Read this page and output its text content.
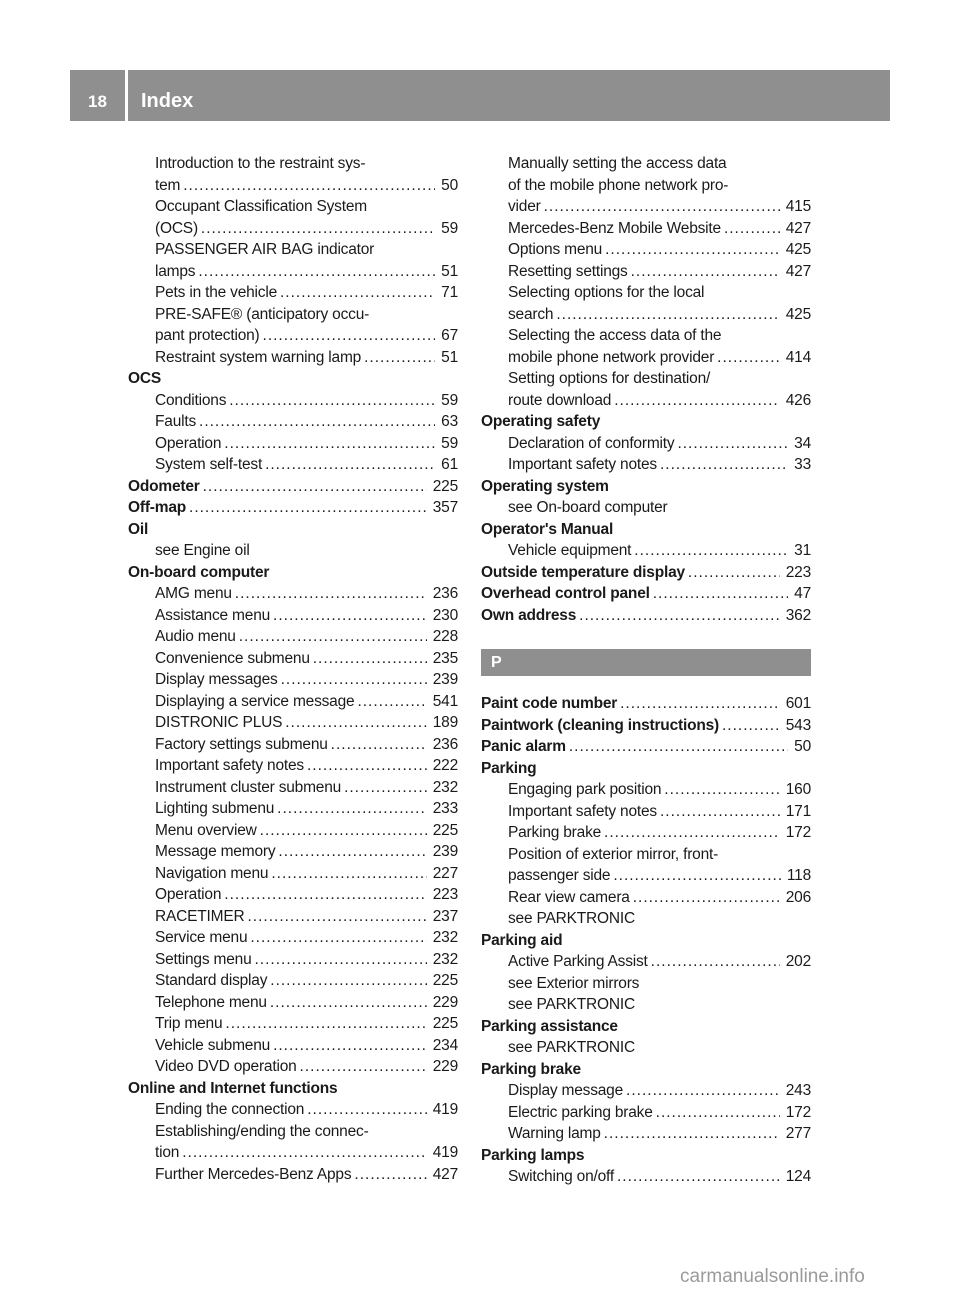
18	Index
Introduction to the restraint sys-
tem .....	50
Occupant Classification System
(OCS) .....	59
PASSENGER AIR BAG indicator
lamps .....	51
Pets in the vehicle .....	71
PRE-SAFE® (anticipatory occu-
pant protection) .....	67
Restraint system warning lamp .....	51
OCS
Conditions .....	59
Faults .....	63
Operation .....	59
System self-test .....	61
Odometer .....	225
Off-map .....	357
Oil
see Engine oil
On-board computer
AMG menu .....	236
Assistance menu .....	230
Audio menu .....	228
Convenience submenu .....	235
Display messages .....	239
Displaying a service message .....	541
DISTRONIC PLUS .....	189
Factory settings submenu .....	236
Important safety notes .....	222
Instrument cluster submenu .....	232
Lighting submenu .....	233
Menu overview .....	225
Message memory .....	239
Navigation menu .....	227
Operation .....	223
RACETIMER .....	237
Service menu .....	232
Settings menu .....	232
Standard display .....	225
Telephone menu .....	229
Trip menu .....	225
Vehicle submenu .....	234
Video DVD operation .....	229
Online and Internet functions
Ending the connection .....	419
Establishing/ending the connec-
tion .....	419
Further Mercedes-Benz Apps .....	427
Manually setting the access data
of the mobile phone network pro-
vider .....	415
Mercedes-Benz Mobile Website .....	427
Options menu .....	425
Resetting settings .....	427
Selecting options for the local
search .....	425
Selecting the access data of the
mobile phone network provider .....	414
Setting options for destination/
route download .....	426
Operating safety
Declaration of conformity .....	34
Important safety notes .....	33
Operating system
see On-board computer
Operator's Manual
Vehicle equipment .....	31
Outside temperature display .....	223
Overhead control panel .....	47
Own address .....	362
P
Paint code number .....	601
Paintwork (cleaning instructions) .....	543
Panic alarm .....	50
Parking
Engaging park position .....	160
Important safety notes .....	171
Parking brake .....	172
Position of exterior mirror, front-
passenger side .....	118
Rear view camera .....	206
see PARKTRONIC
Parking aid
Active Parking Assist .....	202
see Exterior mirrors
see PARKTRONIC
Parking assistance
see PARKTRONIC
Parking brake
Display message .....	243
Electric parking brake .....	172
Warning lamp .....	277
Parking lamps
Switching on/off .....	124
carmanualsonline.info
